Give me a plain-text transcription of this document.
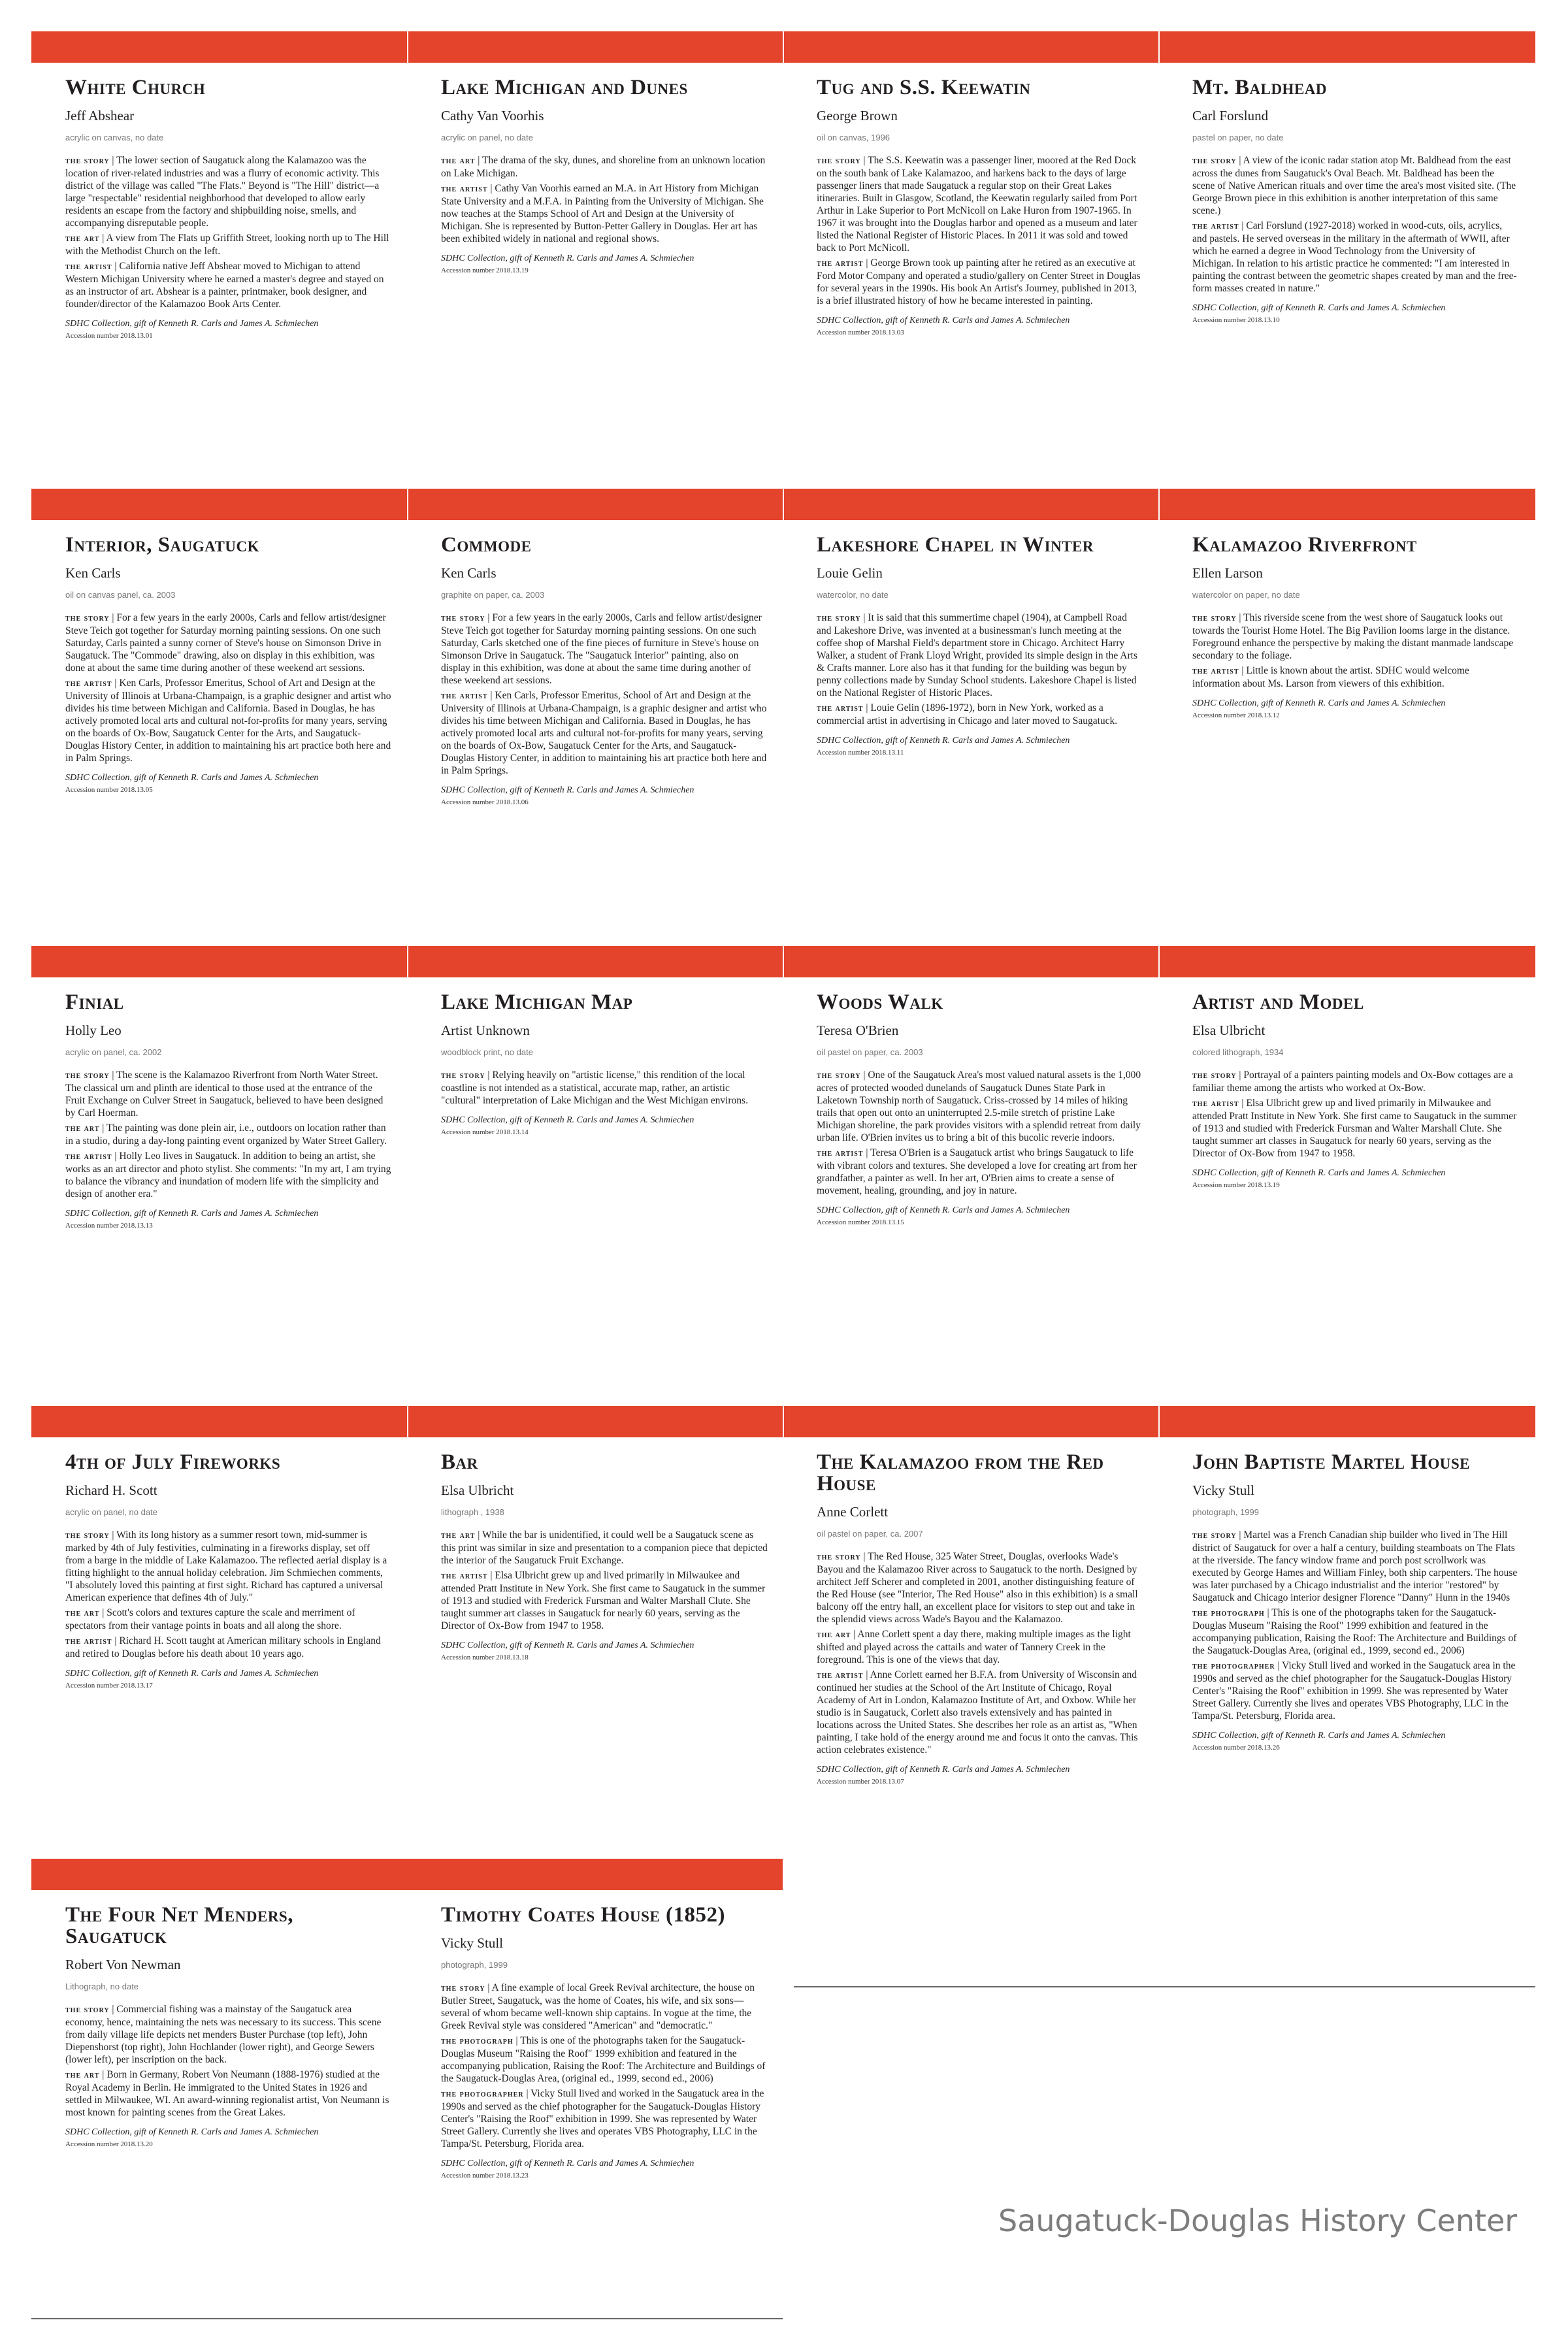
Saugatuck-Douglas History Center
White Church
Jeff Abshear
acrylic on canvas, no date

the story | The lower section of Saugatuck along the Kalamazoo was the location of river-related industries and was a flurry of economic activity. This district of the village was called "The Flats." Beyond is "The Hill" district—a large "respectable" residential neighborhood that developed to allow early residents an escape from the factory and shipbuilding noise, smells, and accompanying disreputable people.

the art | A view from The Flats up Griffith Street, looking north up to The Hill with the Methodist Church on the left.

the artist | California native Jeff Abshear moved to Michigan to attend Western Michigan University where he earned a master's degree and stayed on as an instructor of art. Abshear is a painter, printmaker, book designer, and founder/director of the Kalamazoo Book Arts Center.

SDHC Collection, gift of Kenneth R. Carls and James A. Schmiechen

Accession number 2018.13.01

Lake Michigan and Dunes
Cathy Van Voorhis
acrylic on panel, no date

the art | The drama of the sky, dunes, and shoreline from an unknown location on Lake Michigan.

the artist | Cathy Van Voorhis earned an M.A. in Art History from Michigan State University and a M.F.A. in Painting from the University of Michigan. She now teaches at the Stamps School of Art and Design at the University of Michigan. She is represented by Button-Petter Gallery in Douglas. Her art has been exhibited widely in national and regional shows.

SDHC Collection, gift of Kenneth R. Carls and James A. Schmiechen

Accession number 2018.13.19

Tug and S.S. Keewatin
George Brown
oil on canvas, 1996

the story | The S.S. Keewatin was a passenger liner, moored at the Red Dock on the south bank of Lake Kalamazoo, and harkens back to the days of large passenger liners that made Saugatuck a regular stop on their Great Lakes itineraries. Built in Glasgow, Scotland, the Keewatin regularly sailed from Port Arthur in Lake Superior to Port McNicoll on Lake Huron from 1907-1965. In 1967 it was brought into the Douglas harbor and opened as a museum and later listed the National Register of Historic Places. In 2011 it was sold and towed back to Port McNicoll.

the artist | George Brown took up painting after he retired as an executive at Ford Motor Company and operated a studio/gallery on Center Street in Douglas for several years in the 1990s. His book An Artist's Journey, published in 2013, is a brief illustrated history of how he became interested in painting.

SDHC Collection, gift of Kenneth R. Carls and James A. Schmiechen

Accession number 2018.13.03

Mt. Baldhead
Carl Forslund
pastel on paper, no date

the story | A view of the iconic radar station atop Mt. Baldhead from the east across the dunes from Saugatuck's Oval Beach. Mt. Baldhead has been the scene of Native American rituals and over time the area's most visited site. (The George Brown piece in this exhibition is another interpretation of this same scene.)

the artist | Carl Forslund (1927-2018) worked in wood-cuts, oils, acrylics, and pastels. He served overseas in the military in the aftermath of WWII, after which he earned a degree in Wood Technology from the University of Michigan. In relation to his artistic practice he commented: "I am interested in painting the contrast between the geometric shapes created by man and the free-form masses created in nature."

SDHC Collection, gift of Kenneth R. Carls and James A. Schmiechen

Accession number 2018.13.10

Interior, Saugatuck
Ken Carls
oil on canvas panel, ca. 2003

the story | For a few years in the early 2000s, Carls and fellow artist/designer Steve Teich got together for Saturday morning painting sessions. On one such Saturday, Carls painted a sunny corner of Steve's house on Simonson Drive in Saugatuck. The "Commode" drawing, also on display in this exhibition, was done at about the same time during another of these weekend art sessions.

the artist | Ken Carls, Professor Emeritus, School of Art and Design at the University of Illinois at Urbana-Champaign, is a graphic designer and artist who divides his time between Michigan and California. Based in Douglas, he has actively promoted local arts and cultural not-for-profits for many years, serving on the boards of Ox-Bow, Saugatuck Center for the Arts, and Saugatuck-Douglas History Center, in addition to maintaining his art practice both here and in Palm Springs.

SDHC Collection, gift of Kenneth R. Carls and James A. Schmiechen

Accession number 2018.13.05

Commode
Ken Carls
graphite on paper, ca. 2003

the story | For a few years in the early 2000s, Carls and fellow artist/designer Steve Teich got together for Saturday morning painting sessions. On one such Saturday, Carls sketched one of the fine pieces of furniture in Steve's house on Simonson Drive in Saugatuck. The "Saugatuck Interior" painting, also on display in this exhibition, was done at about the same time during another of these weekend art sessions.

the artist | Ken Carls, Professor Emeritus, School of Art and Design at the University of Illinois at Urbana-Champaign, is a graphic designer and artist who divides his time between Michigan and California. Based in Douglas, he has actively promoted local arts and cultural not-for-profits for many years, serving on the boards of Ox-Bow, Saugatuck Center for the Arts, and Saugatuck-Douglas History Center, in addition to maintaining his art practice both here and in Palm Springs.

SDHC Collection, gift of Kenneth R. Carls and James A. Schmiechen

Accession number 2018.13.06

Lakeshore Chapel in Winter
Louie Gelin
watercolor, no date

the story | It is said that this summertime chapel (1904), at Campbell Road and Lakeshore Drive, was invented at a businessman's lunch meeting at the coffee shop of Marshal Field's department store in Chicago. Architect Harry Walker, a student of Frank Lloyd Wright, provided its simple design in the Arts & Crafts manner. Lore also has it that funding for the building was begun by penny collections made by Sunday School students. Lakeshore Chapel is listed on the National Register of Historic Places.

the artist | Louie Gelin (1896-1972), born in New York, worked as a commercial artist in advertising in Chicago and later moved to Saugatuck.

SDHC Collection, gift of Kenneth R. Carls and James A. Schmiechen

Accession number 2018.13.11

Kalamazoo Riverfront
Ellen Larson
watercolor on paper, no date

the story | This riverside scene from the west shore of Saugatuck looks out towards the Tourist Home Hotel. The Big Pavilion looms large in the distance. Foreground enhance the perspective by making the distant manmade landscape secondary to the foliage.

the artist | Little is known about the artist. SDHC would welcome information about Ms. Larson from viewers of this exhibition.

SDHC Collection, gift of Kenneth R. Carls and James A. Schmiechen

Accession number 2018.13.12

Finial
Holly Leo
acrylic on panel, ca. 2002

the story | The scene is the Kalamazoo Riverfront from North Water Street. The classical urn and plinth are identical to those used at the entrance of the Fruit Exchange on Culver Street in Saugatuck, believed to have been designed by Carl Hoerman.

the art | The painting was done plein air, i.e., outdoors on location rather than in a studio, during a day-long painting event organized by Water Street Gallery.

the artist | Holly Leo lives in Saugatuck. In addition to being an artist, she works as an art director and photo stylist. She comments: "In my art, I am trying to balance the vibrancy and inundation of modern life with the simplicity and design of another era."

SDHC Collection, gift of Kenneth R. Carls and James A. Schmiechen

Accession number 2018.13.13

Lake Michigan Map
Artist Unknown
woodblock print, no date

the story | Relying heavily on "artistic license," this rendition of the local coastline is not intended as a statistical, accurate map, rather, an artistic "cultural" interpretation of Lake Michigan and the West Michigan environs.

SDHC Collection, gift of Kenneth R. Carls and James A. Schmiechen

Accession number 2018.13.14

Woods Walk
Teresa O'Brien
oil pastel on paper, ca. 2003

the story | One of the Saugatuck Area's most valued natural assets is the 1,000 acres of protected wooded dunelands of Saugatuck Dunes State Park in Laketown Township north of Saugatuck. Criss-crossed by 14 miles of hiking trails that open out onto an uninterrupted 2.5-mile stretch of pristine Lake Michigan shoreline, the park provides visitors with a splendid retreat from daily urban life. O'Brien invites us to bring a bit of this bucolic reverie indoors.

the artist | Teresa O'Brien is a Saugatuck artist who brings Saugatuck to life with vibrant colors and textures. She developed a love for creating art from her grandfather, a painter as well. In her art, O'Brien aims to create a sense of movement, healing, grounding, and joy in nature.

SDHC Collection, gift of Kenneth R. Carls and James A. Schmiechen

Accession number 2018.13.15

Artist and Model
Elsa Ulbricht
colored lithograph, 1934

the story | Portrayal of a painters painting models and Ox-Bow cottages are a familiar theme among the artists who worked at Ox-Bow.

the artist | Elsa Ulbricht grew up and lived primarily in Milwaukee and attended Pratt Institute in New York. She first came to Saugatuck in the summer of 1913 and studied with Frederick Fursman and Walter Marshall Clute. She taught summer art classes in Saugatuck for nearly 60 years, serving as the Director of Ox-Bow from 1947 to 1958.

SDHC Collection, gift of Kenneth R. Carls and James A. Schmiechen

Accession number 2018.13.19

4th of July Fireworks
Richard H. Scott
acrylic on panel, no date

the story | With its long history as a summer resort town, mid-summer is marked by 4th of July festivities, culminating in a fireworks display, set off from a barge in the middle of Lake Kalamazoo. The reflected aerial display is a fitting highlight to the annual holiday celebration. Jim Schmiechen comments, "I absolutely loved this painting at first sight. Richard has captured a universal American experience that defines 4th of July."

the art | Scott's colors and textures capture the scale and merriment of spectators from their vantage points in boats and all along the shore.

the artist | Richard H. Scott taught at American military schools in England and retired to Douglas before his death about 10 years ago.

SDHC Collection, gift of Kenneth R. Carls and James A. Schmiechen

Accession number 2018.13.17

Bar
Elsa Ulbricht
lithograph , 1938

the art | While the bar is unidentified, it could well be a Saugatuck scene as this print was similar in size and presentation to a companion piece that depicted the interior of the Saugatuck Fruit Exchange.

the artist | Elsa Ulbricht grew up and lived primarily in Milwaukee and attended Pratt Institute in New York. She first came to Saugatuck in the summer of 1913 and studied with Frederick Fursman and Walter Marshall Clute. She taught summer art classes in Saugatuck for nearly 60 years, serving as the Director of Ox-Bow from 1947 to 1958.

SDHC Collection, gift of Kenneth R. Carls and James A. Schmiechen

Accession number 2018.13.18

The Kalamazoo from the Red House
Anne Corlett
oil pastel on paper, ca. 2007

the story | The Red House, 325 Water Street, Douglas, overlooks Wade's Bayou and the Kalamazoo River across to Saugatuck to the north. Designed by architect Jeff Scherer and completed in 2001, another distinguishing feature of the Red House (see "Interior, The Red House" also in this exhibition) is a small balcony off the entry hall, an excellent place for visitors to step out and take in the splendid views across Wade's Bayou and the Kalamazoo.

the art | Anne Corlett spent a day there, making multiple images as the light shifted and played across the cattails and water of Tannery Creek in the foreground. This is one of the views that day.

the artist | Anne Corlett earned her B.F.A. from University of Wisconsin and continued her studies at the School of the Art Institute of Chicago, Royal Academy of Art in London, Kalamazoo Institute of Art, and Oxbow. While her studio is in Saugatuck, Corlett also travels extensively and has painted in locations across the United States. She describes her role as an artist as, "When painting, I take hold of the energy around me and focus it onto the canvas. This action celebrates existence."

SDHC Collection, gift of Kenneth R. Carls and James A. Schmiechen

Accession number 2018.13.07

John Baptiste Martel House
Vicky Stull
photograph, 1999

the story | Martel was a French Canadian ship builder who lived in The Hill district of Saugatuck for over a half a century, building steamboats on The Flats at the riverside. The fancy window frame and porch post scrollwork was executed by George Hames and William Finley, both ship carpenters. The house was later purchased by a Chicago industrialist and the interior "restored" by Saugatuck and Chicago interior designer Florence "Danny" Hunn in the 1940s

the photograph | This is one of the photographs taken for the Saugatuck-Douglas Museum "Raising the Roof" 1999 exhibition and featured in the accompanying publication, Raising the Roof: The Architecture and Buildings of the Saugatuck-Douglas Area, (original ed., 1999, second ed., 2006)

the photographer | Vicky Stull lived and worked in the Saugatuck area in the 1990s and served as the chief photographer for the Saugatuck-Douglas History Center's "Raising the Roof" exhibition in 1999. She was represented by Water Street Gallery. Currently she lives and operates VBS Photography, LLC in the Tampa/St. Petersburg, Florida area.

SDHC Collection, gift of Kenneth R. Carls and James A. Schmiechen

Accession number 2018.13.26

The Four Net Menders, Saugatuck
Robert Von Newman
Lithograph, no date

the story | Commercial fishing was a mainstay of the Saugatuck area economy, hence, maintaining the nets was necessary to its success. This scene from daily village life depicts net menders Buster Purchase (top left), John Diepenshorst (top right), John Hochlander (lower right), and George Sewers (lower left), per inscription on the back.

the art | Born in Germany, Robert Von Neumann (1888-1976) studied at the Royal Academy in Berlin. He immigrated to the United States in 1926 and settled in Milwaukee, WI. An award-winning regionalist artist, Von Neumann is most known for painting scenes from the Great Lakes.

SDHC Collection, gift of Kenneth R. Carls and James A. Schmiechen

Accession number 2018.13.20

Timothy Coates House (1852)
Vicky Stull
photograph, 1999

the story | A fine example of local Greek Revival architecture, the house on Butler Street, Saugatuck, was the home of Coates, his wife, and six sons—several of whom became well-known ship captains. In vogue at the time, the Greek Revival style was considered "American" and "democratic."

the photograph | This is one of the photographs taken for the Saugatuck-Douglas Museum "Raising the Roof" 1999 exhibition and featured in the accompanying publication, Raising the Roof: The Architecture and Buildings of the Saugatuck-Douglas Area, (original ed., 1999, second ed., 2006)

the photographer | Vicky Stull lived and worked in the Saugatuck area in the 1990s and served as the chief photographer for the Saugatuck-Douglas History Center's "Raising the Roof" exhibition in 1999. She was represented by Water Street Gallery. Currently she lives and operates VBS Photography, LLC in the Tampa/St. Petersburg, Florida area.

SDHC Collection, gift of Kenneth R. Carls and James A. Schmiechen

Accession number 2018.13.23
